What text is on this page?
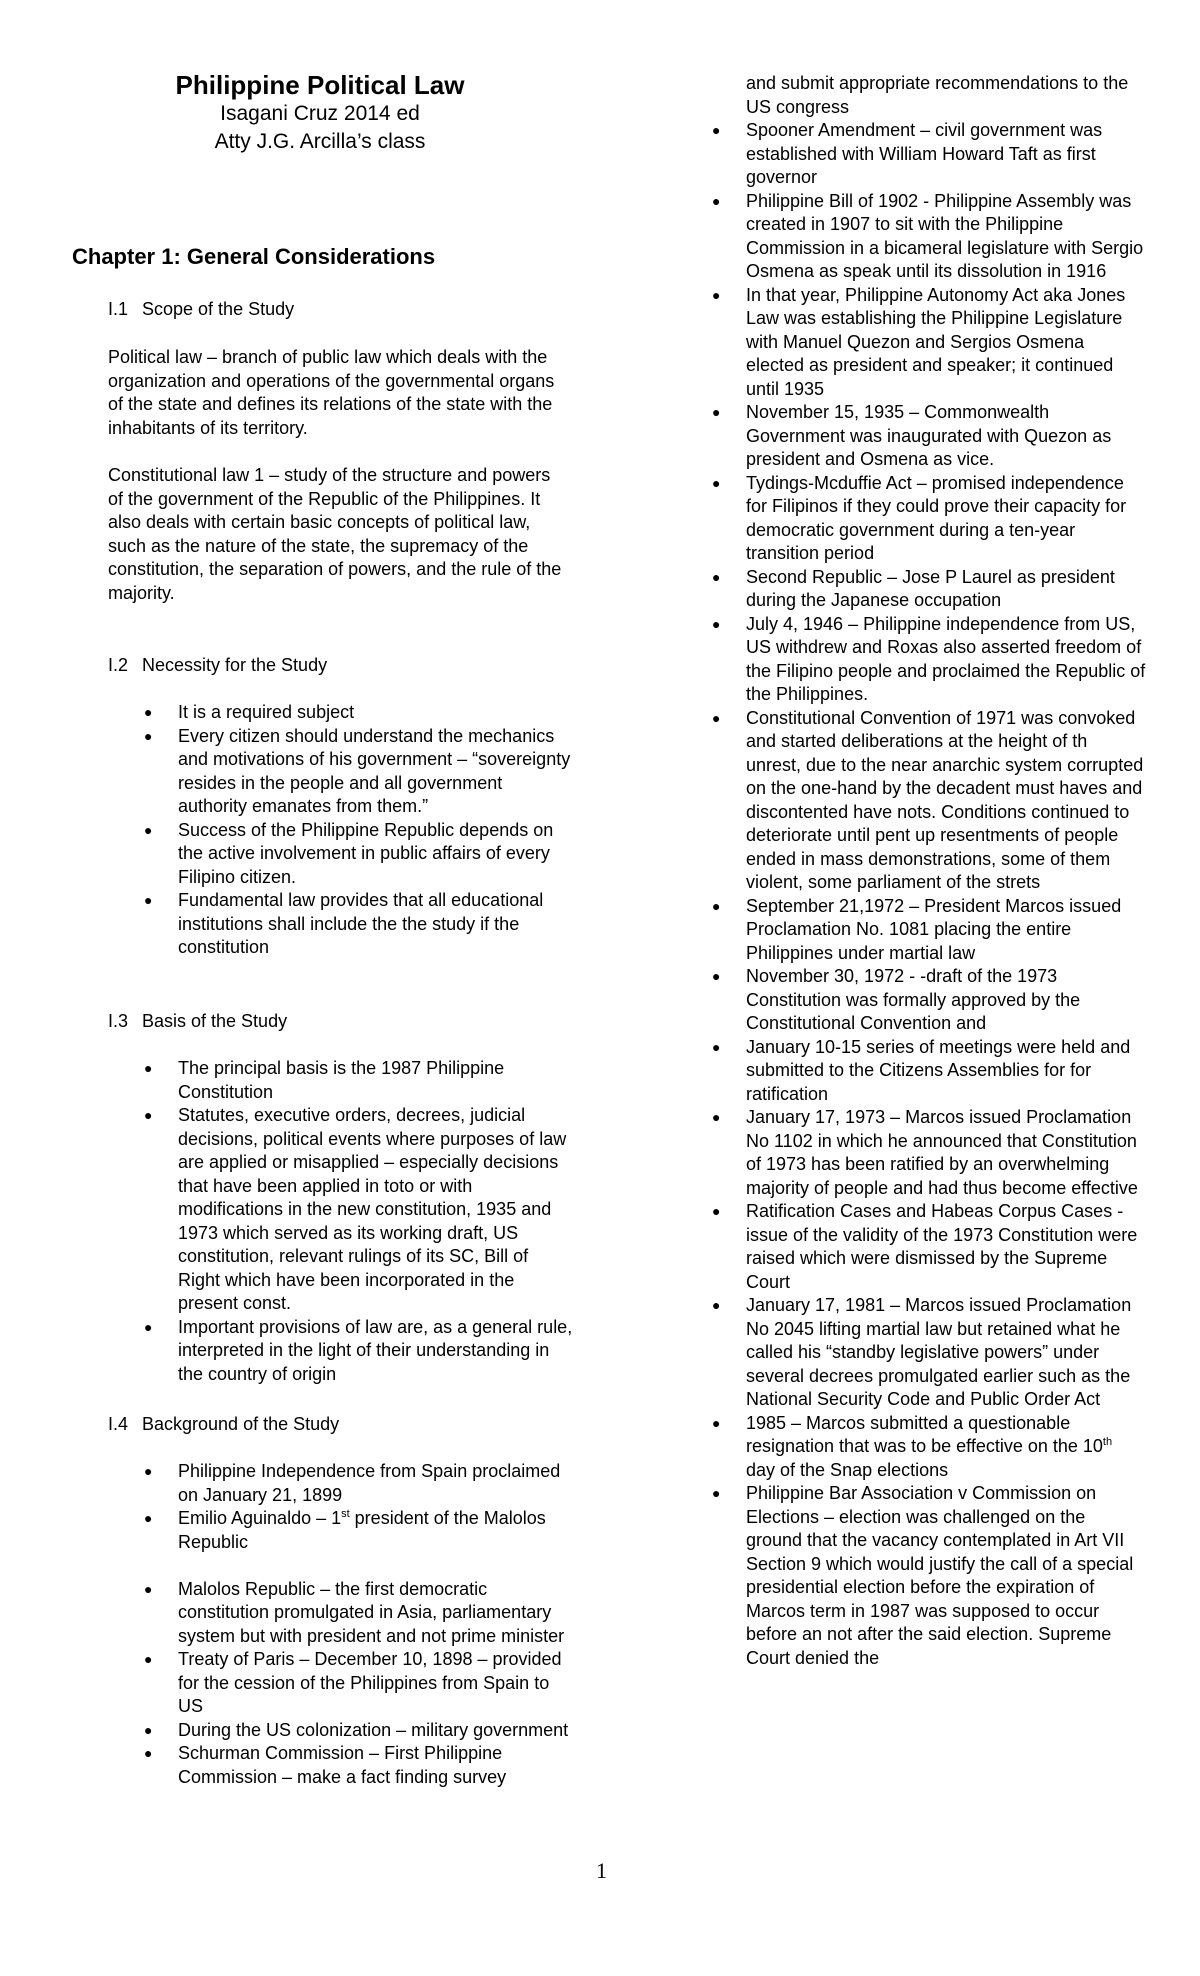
Philippine Political Law

Isagani Cruz 2014 ed

Atty J.G. Arcilla’s class

Chapter 1: General Considerations

I.1 Scope of the Study

Political law – branch of public law which deals with the organization and operations of the governmental organs of the state and defines its relations of the state with the inhabitants of its territory.

Constitutional law 1 – study of the structure and powers of the government of the Republic of the Philippines. It also deals with certain basic concepts of political law, such as the nature of the state, the supremacy of the constitution, the separation of powers, and the rule of the majority.

I.2 Necessity for the Study

● It is a required subject
● Every citizen should understand the mechanics and motivations of his government – “sovereignty resides in the people and all government authority emanates from them.”
● Success of the Philippine Republic depends on the active involvement in public affairs of every Filipino citizen.
● Fundamental law provides that all educational institutions shall include the the study if the constitution

I.3 Basis of the Study

● The principal basis is the 1987 Philippine Constitution
● Statutes, executive orders, decrees, judicial decisions, political events where purposes of law are applied or misapplied – especially decisions that have been applied in toto or with modifications in the new constitution, 1935 and 1973 which served as its working draft, US constitution, relevant rulings of its SC, Bill of Right which have been incorporated in the present const.
● Important provisions of law are, as a general rule, interpreted in the light of their understanding in the country of origin

I.4 Background of the Study

● Philippine Independence from Spain proclaimed on January 21, 1899
● Emilio Aguinaldo – 1st president of the Malolos Republic
● Malolos Republic – the first democratic constitution promulgated in Asia, parliamentary system but with president and not prime minister
● Treaty of Paris – December 10, 1898 – provided for the cession of the Philippines from Spain to US
● During the US colonization – military government
● Schurman Commission – First Philippine Commission – make a fact finding survey
and submit appropriate recommendations to the US congress
● Spooner Amendment – civil government was established with William Howard Taft as first governor
● Philippine Bill of 1902 - Philippine Assembly was created in 1907 to sit with the Philippine Commission in a bicameral legislature with Sergio Osmena as speak until its dissolution in 1916
● In that year, Philippine Autonomy Act aka Jones Law was establishing the Philippine Legislature with Manuel Quezon and Sergios Osmena elected as president and speaker; it continued until 1935
● November 15, 1935 – Commonwealth Government was inaugurated with Quezon as president and Osmena as vice.
● Tydings-Mcduffie Act – promised independence for Filipinos if they could prove their capacity for democratic government during a ten-year transition period
● Second Republic – Jose P Laurel as president during the Japanese occupation
● July 4, 1946 – Philippine independence from US, US withdrew and Roxas also asserted freedom of the Filipino people and proclaimed the Republic of the Philippines.
● Constitutional Convention of 1971 was convoked and started deliberations at the height of th unrest, due to the near anarchic system corrupted on the one-hand by the decadent must haves and discontented have nots. Conditions continued to deteriorate until pent up resentments of people ended in mass demonstrations, some of them violent, some parliament of the strets
● September 21,1972 – President Marcos issued Proclamation No. 1081 placing the entire Philippines under martial law
● November 30, 1972 - -draft of the 1973 Constitution was formally approved by the Constitutional Convention and
● January 10-15 series of meetings were held and submitted to the Citizens Assemblies for for ratification
● January 17, 1973 – Marcos issued Proclamation No 1102 in which he announced that Constitution of 1973 has been ratified by an overwhelming majority of people and had thus become effective
● Ratification Cases and Habeas Corpus Cases - issue of the validity of the 1973 Constitution were raised which were dismissed by the Supreme Court
● January 17, 1981 – Marcos issued Proclamation No 2045 lifting martial law but retained what he called his “standby legislative powers” under several decrees promulgated earlier such as the National Security Code and Public Order Act
● 1985 – Marcos submitted a questionable resignation that was to be effective on the 10th day of the Snap elections
● Philippine Bar Association v Commission on Elections – election was challenged on the ground that the vacancy contemplated in Art VII Section 9 which would justify the call of a special presidential election before the expiration of Marcos term in 1987 was supposed to occur before an not after the said election. Supreme Court denied the
1
